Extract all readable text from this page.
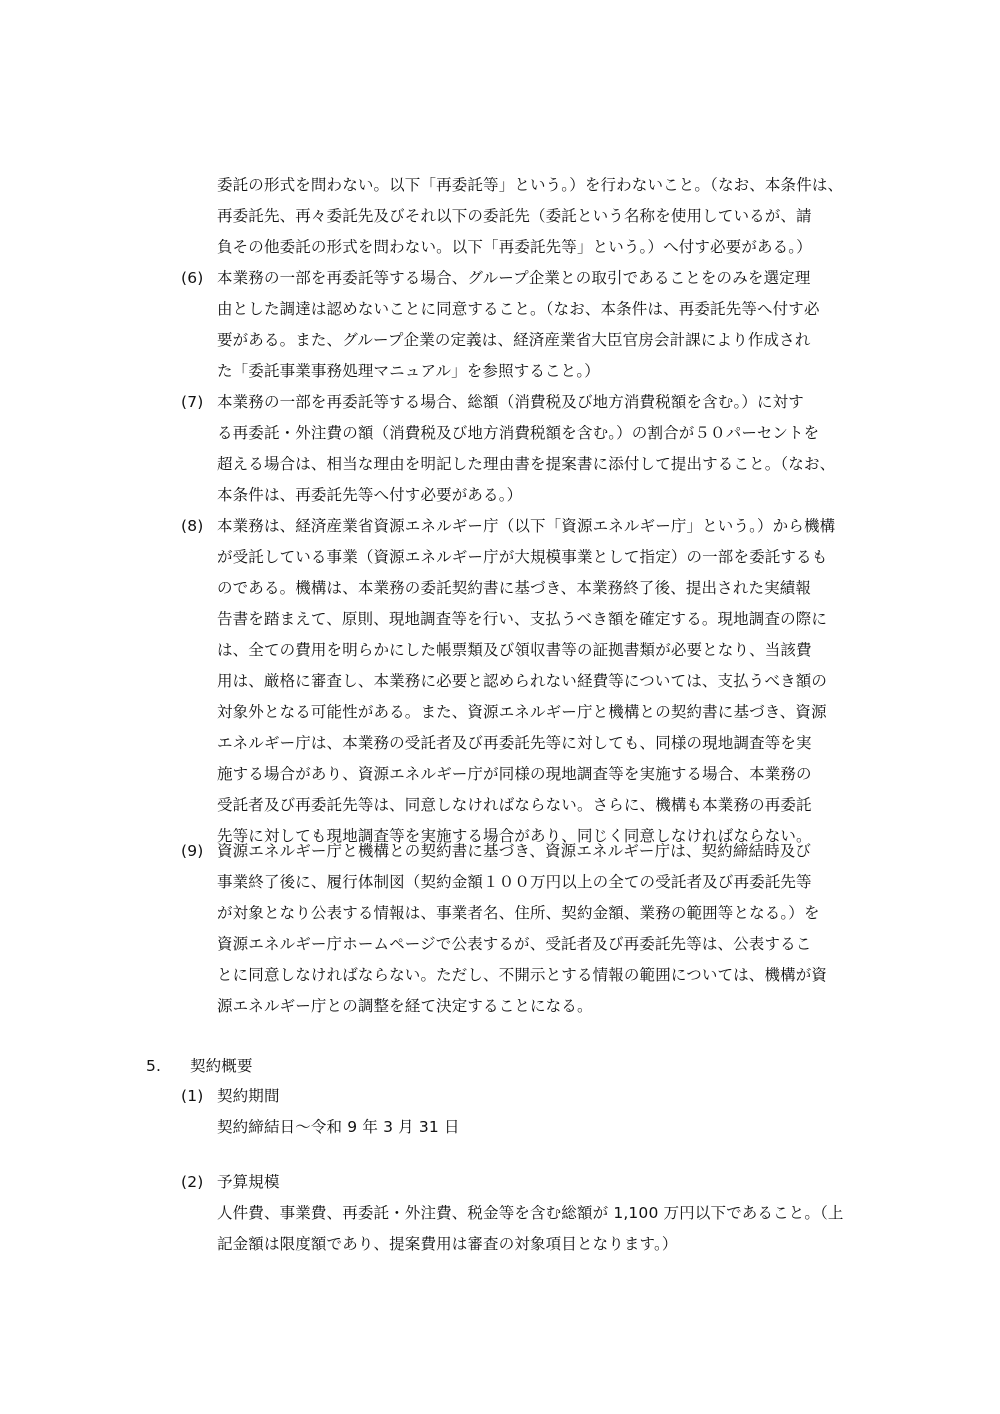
委託の形式を問わない。以下「再委託等」という。）を行わないこと。（なお、本条件は、
再委託先、再々委託先及びそれ以下の委託先（委託という名称を使用しているが、請
負その他委託の形式を問わない。以下「再委託先等」という。）へ付す必要がある。）
(6) 本業務の一部を再委託等する場合、グループ企業との取引であることをのみを選定理
由とした調達は認めないことに同意すること。（なお、本条件は、再委託先等へ付す必
要がある。また、グループ企業の定義は、経済産業省大臣官房会計課により作成され
た「委託事業事務処理マニュアル」を参照すること。）
(7) 本業務の一部を再委託等する場合、総額（消費税及び地方消費税額を含む。）に対す
る再委託・外注費の額（消費税及び地方消費税額を含む。）の割合が５０パーセントを
超える場合は、相当な理由を明記した理由書を提案書に添付して提出すること。（なお、
本条件は、再委託先等へ付す必要がある。）
(8) 本業務は、経済産業省資源エネルギー庁（以下「資源エネルギー庁」という。）から機構
が受託している事業（資源エネルギー庁が大規模事業として指定）の一部を委託するも
のである。機構は、本業務の委託契約書に基づき、本業務終了後、提出された実績報
告書を踏まえて、原則、現地調査等を行い、支払うべき額を確定する。現地調査の際に
は、全ての費用を明らかにした帳票類及び領収書等の証拠書類が必要となり、当該費
用は、厳格に審査し、本業務に必要と認められない経費等については、支払うべき額の
対象外となる可能性がある。また、資源エネルギー庁と機構との契約書に基づき、資源
エネルギー庁は、本業務の受託者及び再委託先等に対しても、同様の現地調査等を実
施する場合があり、資源エネルギー庁が同様の現地調査等を実施する場合、本業務の
受託者及び再委託先等は、同意しなければならない。さらに、機構も本業務の再委託
先等に対しても現地調査等を実施する場合があり、同じく同意しなければならない。
(9) 資源エネルギー庁と機構との契約書に基づき、資源エネルギー庁は、契約締結時及び
事業終了後に、履行体制図（契約金額１００万円以上の全ての受託者及び再委託先等
が対象となり公表する情報は、事業者名、住所、契約金額、業務の範囲等となる。）を
資源エネルギー庁ホームページで公表するが、受託者及び再委託先等は、公表するこ
とに同意しなければならない。ただし、不開示とする情報の範囲については、機構が資
源エネルギー庁との調整を経て決定することになる。
5. 契約概要
(1) 契約期間
契約締結日～令和 9 年 3 月 31 日
(2) 予算規模
人件費、事業費、再委託・外注費、税金等を含む総額が 1,100 万円以下であること。（上
記金額は限度額であり、提案費用は審査の対象項目となります。）
